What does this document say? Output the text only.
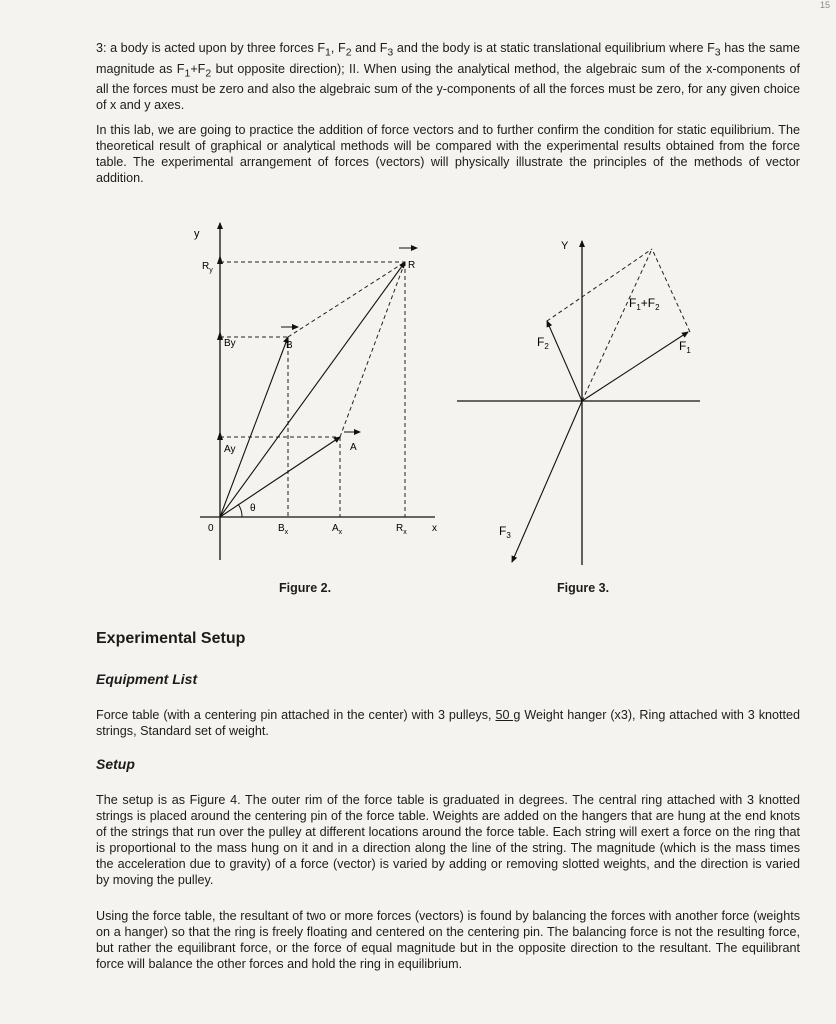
15

3: a body is acted upon by three forces $F_1$, $F_2$ and $F_3$ and the body is at static translational equilibrium where $F_3$ has the same magnitude as $F_1+F_2$ but opposite direction); II. When using the analytical method, the algebraic sum of the x-components of all the forces must be zero and also the algebraic sum of the y-components of all the forces must be zero, for any given choice of x and y axes.

In this lab, we are going to practice the addition of force vectors and to further confirm the condition for static equilibrium. The theoretical result of graphical or analytical methods will be compared with the experimental results obtained from the force table. The experimental arrangement of forces (vectors) will physically illustrate the principles of the methods of vector addition.

y
$R_y$
By
Ay
0	$B_x$	$A_x$	$R_x$	x
θ
R
B
A
Figure 2.
Y
$F_1$
$F_2$
$F_3$
$F_1+F_2$
Figure 3.
Experimental Setup
Equipment List

Force table (with a centering pin attached in the center) with 3 pulleys, 50 g Weight hanger (x3), Ring attached with 3 knotted strings, Standard set of weight.

Setup

The setup is as Figure 4. The outer rim of the force table is graduated in degrees. The central ring attached with 3 knotted strings is placed around the centering pin of the force table. Weights are added on the hangers that are hung at the end knots of the strings that run over the pulley at different locations around the force table. Each string will exert a force on the ring that is proportional to the mass hung on it and in a direction along the line of the string. The magnitude (which is the mass times the acceleration due to gravity) of a force (vector) is varied by adding or removing slotted weights, and the direction is varied by moving the pulley.

Using the force table, the resultant of two or more forces (vectors) is found by balancing the forces with another force (weights on a hanger) so that the ring is freely floating and centered on the centering pin. The balancing force is not the resulting force, but rather the equilibrant force, or the force of equal magnitude but in the opposite direction to the resultant. The equilibrant force will balance the other forces and hold the ring in equilibrium.
